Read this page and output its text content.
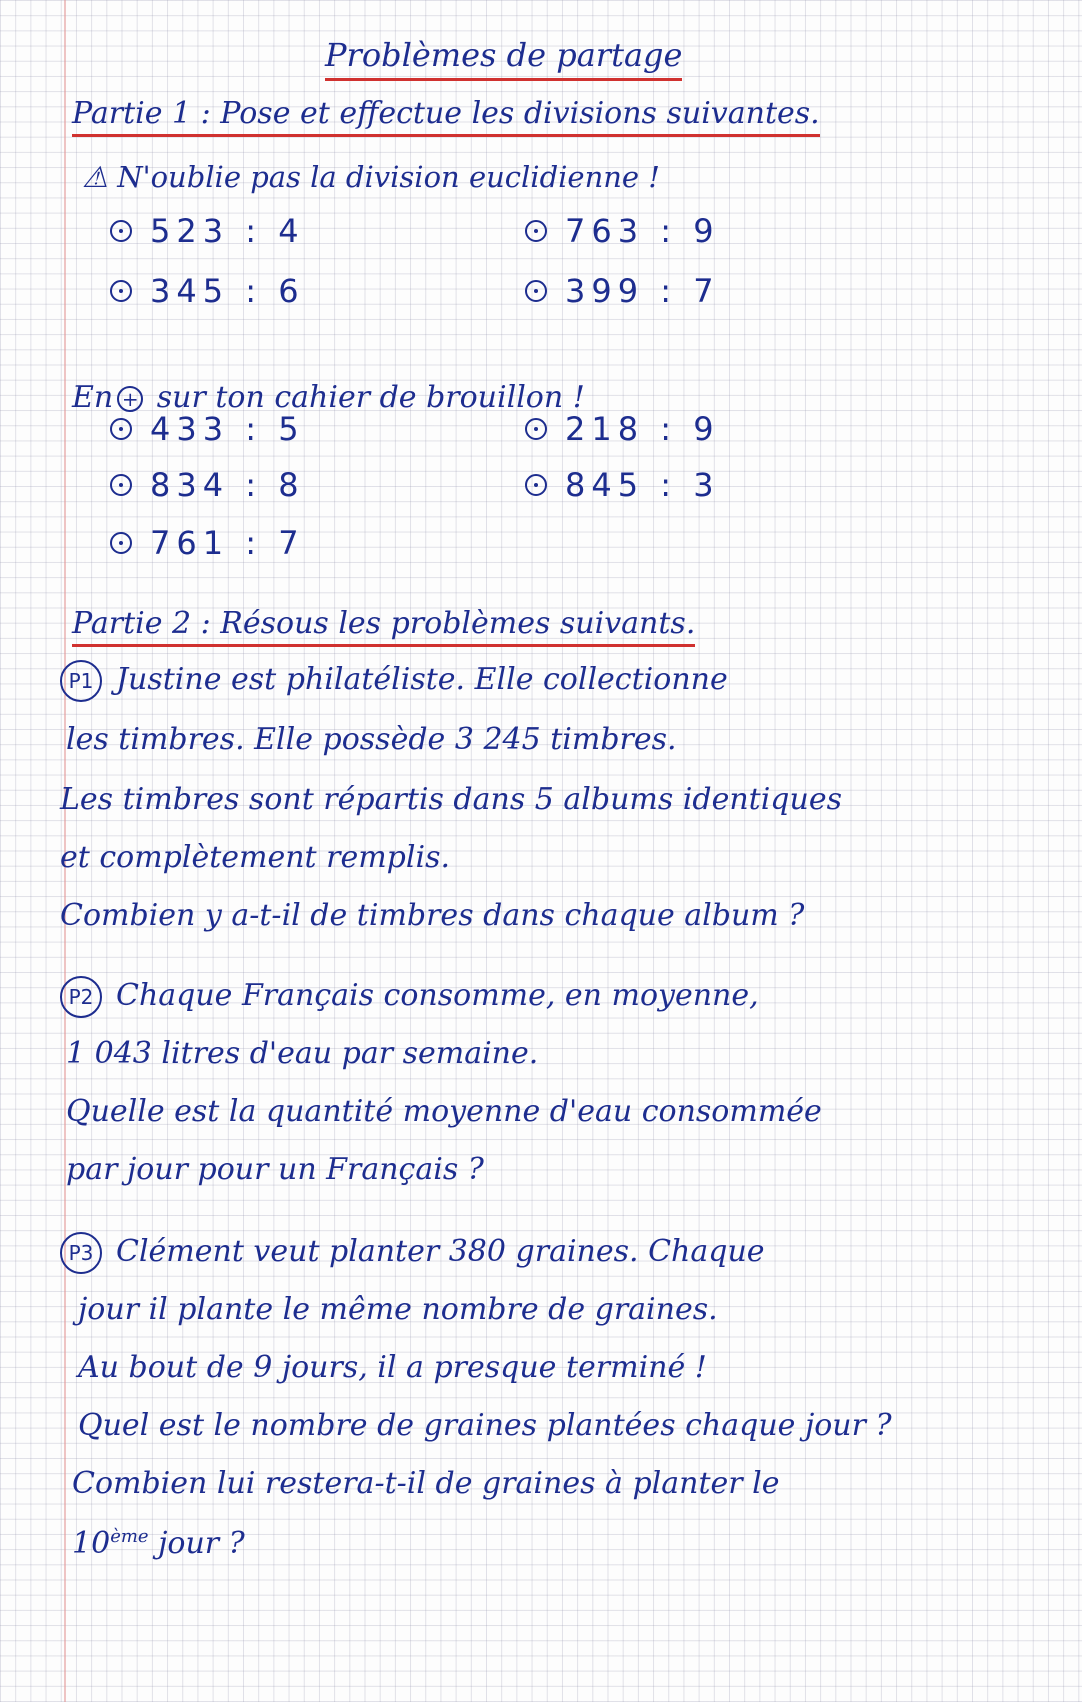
Problèmes de partage
Partie 1 : Pose et effectue les divisions suivantes.
⚠ N'oublie pas la division euclidienne !
523 : 4	763 : 9
345 : 6	399 : 7
En + sur ton cahier de brouillon !
433 : 5	218 : 9
834 : 8	845 : 3
761 : 7
Partie 2 : Résous les problèmes suivants.
P1 Justine est philatéliste. Elle collectionne
les timbres. Elle possède 3 245 timbres.
Les timbres sont répartis dans 5 albums identiques
et complètement remplis.
Combien y a-t-il de timbres dans chaque album ?
P2 Chaque Français consomme, en moyenne,
1 043 litres d'eau par semaine.
Quelle est la quantité moyenne d'eau consommée
par jour pour un Français ?
P3 Clément veut planter 380 graines. Chaque
jour il plante le même nombre de graines.
Au bout de 9 jours, il a presque terminé !
Quel est le nombre de graines plantées chaque jour ?
Combien lui restera-t-il de graines à planter le
10ème jour ?
